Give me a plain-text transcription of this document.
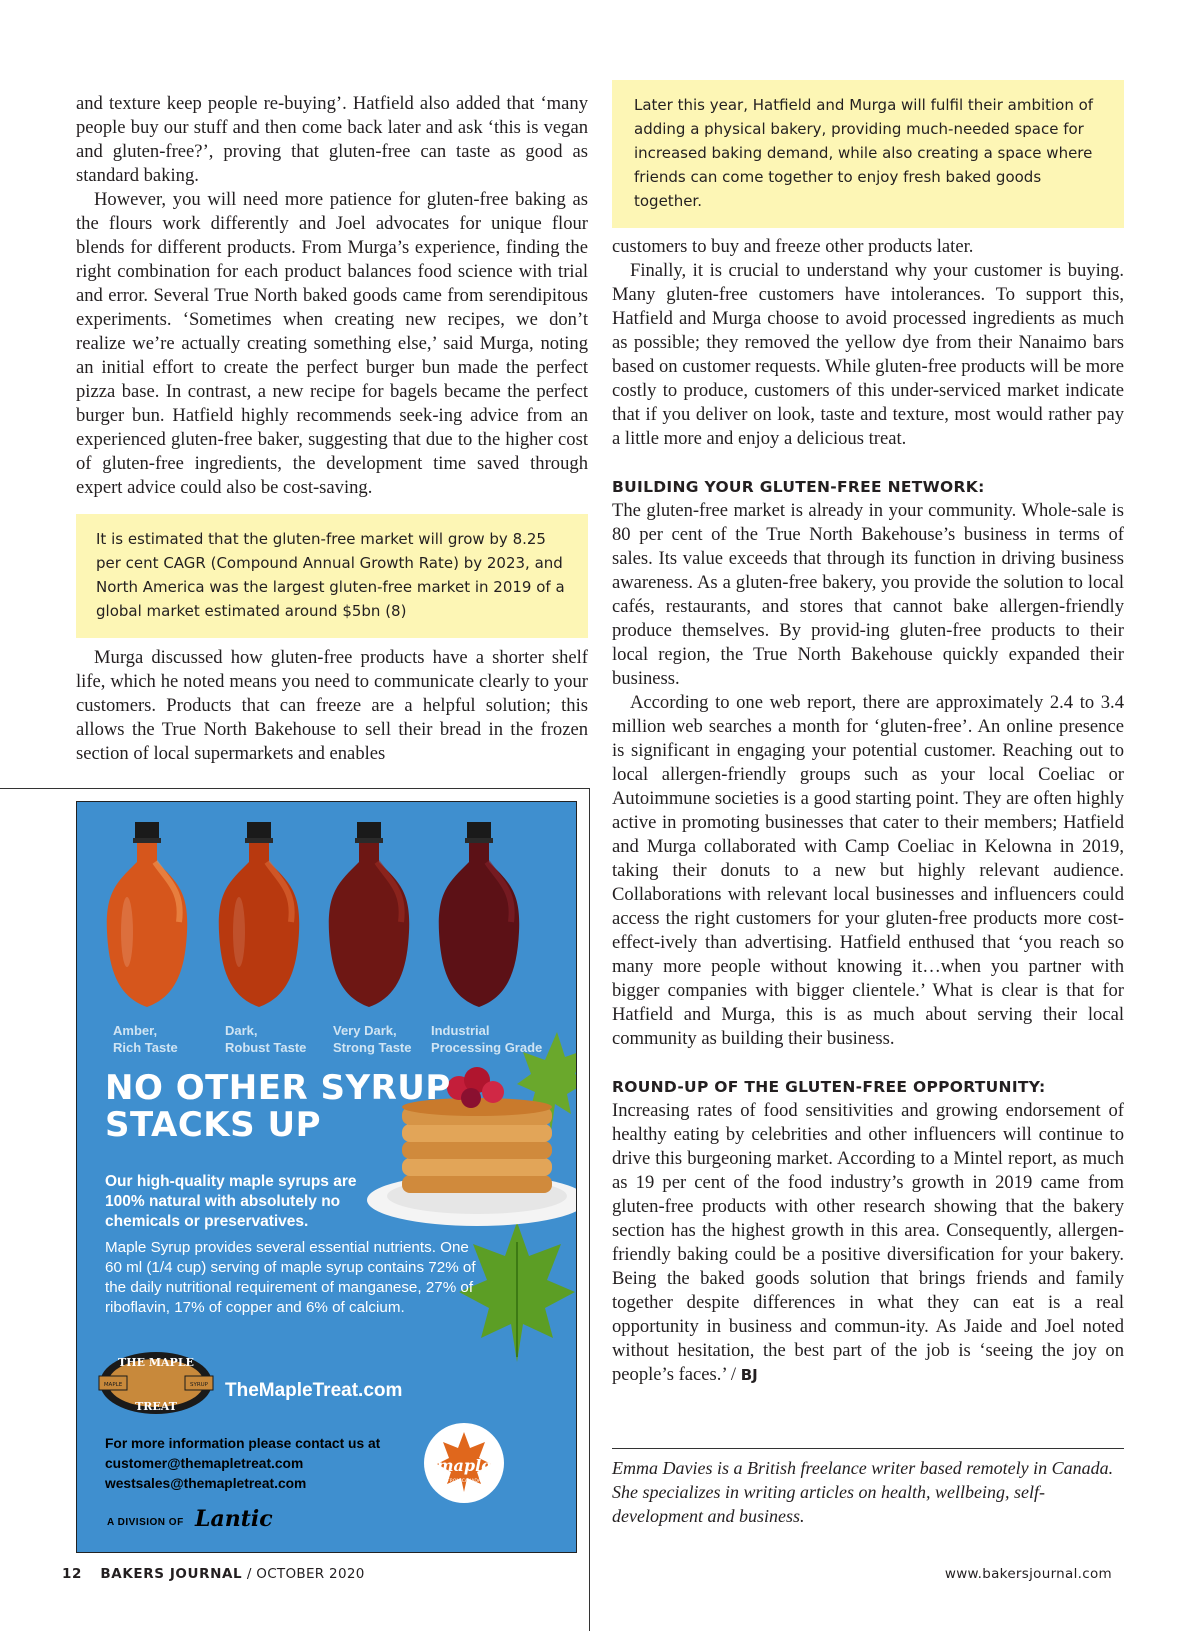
and texture keep people re-buying’. Hatfield also added that ‘many people buy our stuff and then come back later and ask ‘this is vegan and gluten-free?’, proving that gluten-free can taste as good as standard baking.

However, you will need more patience for gluten-free baking as the flours work differently and Joel advocates for unique flour blends for different products. From Murga’s experience, finding the right combination for each product balances food science with trial and error. Several True North baked goods came from serendipitous experiments. ‘Sometimes when creating new recipes, we don’t realize we’re actually creating something else,’ said Murga, noting an initial effort to create the perfect burger bun made the perfect pizza base. In contrast, a new recipe for bagels became the perfect burger bun. Hatfield highly recommends seek-ing advice from an experienced gluten-free baker, suggesting that due to the higher cost of gluten-free ingredients, the development time saved through expert advice could also be cost-saving.

It is estimated that the gluten-free market will grow by 8.25 per cent CAGR (Compound Annual Growth Rate) by 2023, and North America was the largest gluten-free market in 2019 of a global market estimated around $5bn (8)

Murga discussed how gluten-free products have a shorter shelf life, which he noted means you need to communicate clearly to your customers. Products that can freeze are a helpful solution; this allows the True North Bakehouse to sell their bread in the frozen section of local supermarkets and enables

Later this year, Hatfield and Murga will fulfil their ambition of adding a physical bakery, providing much-needed space for increased baking demand, while also creating a space where friends can come together to enjoy fresh baked goods together.

customers to buy and freeze other products later.

Finally, it is crucial to understand why your customer is buying. Many gluten-free customers have intolerances. To support this, Hatfield and Murga choose to avoid processed ingredients as much as possible; they removed the yellow dye from their Nanaimo bars based on customer requests. While gluten-free products will be more costly to produce, customers of this under-serviced market indicate that if you deliver on look, taste and texture, most would rather pay a little more and enjoy a delicious treat.

BUILDING YOUR GLUTEN-FREE NETWORK:

The gluten-free market is already in your community. Whole-sale is 80 per cent of the True North Bakehouse’s business in terms of sales. Its value exceeds that through its function in driving business awareness. As a gluten-free bakery, you provide the solution to local cafés, restaurants, and stores that cannot bake allergen-friendly produce themselves. By provid-ing gluten-free products to their local region, the True North Bakehouse quickly expanded their business.

According to one web report, there are approximately 2.4 to 3.4 million web searches a month for ‘gluten-free’. An online presence is significant in engaging your potential customer. Reaching out to local allergen-friendly groups such as your local Coeliac or Autoimmune societies is a good starting point. They are often highly active in promoting businesses that cater to their members; Hatfield and Murga collaborated with Camp Coeliac in Kelowna in 2019, taking their donuts to a new but highly relevant audience. Collaborations with relevant local businesses and influencers could access the right customers for your gluten-free products more cost-effect-ively than advertising. Hatfield enthused that ‘you reach so many more people without knowing it…when you partner with bigger companies with bigger clientele.’ What is clear is that for Hatfield and Murga, this is as much about serving their local community as building their business.

ROUND-UP OF THE GLUTEN-FREE OPPORTUNITY:

Increasing rates of food sensitivities and growing endorsement of healthy eating by celebrities and other influencers will continue to drive this burgeoning market. According to a Mintel report, as much as 19 per cent of the food industry’s growth in 2019 came from gluten-free products with other research showing that the bakery section has the highest growth in this area. Consequently, allergen-friendly baking could be a positive diversification for your bakery. Being the baked goods solution that brings friends and family together despite differences in what they can eat is a real opportunity in business and commun-ity. As Jaide and Joel noted without hesitation, the best part of the job is ‘seeing the joy on people’s faces.’ / BJ

Emma Davies is a British freelance writer based remotely in Canada. She specializes in writing articles on health, wellbeing, self-development and business.
Amber,
Rich Taste
Dark,
Robust Taste
Very Dark,
Strong Taste
Industrial
Processing Grade
NO OTHER SYRUP
STACKS UP
Our high-quality maple syrups are 100% natural with absolutely no chemicals or preservatives.
Maple Syrup provides several essential nutrients. One 60 ml (1/4 cup) serving of maple syrup contains 72% of the daily nutritional requirement of manganese, 27% of riboflavin, 17% of copper and 6% of calcium.
THE MAPLE
TREAT
MAPLE	SYRUP TheMapleTreat.com
For more information please contact us at
customer@themapletreat.com
westsales@themapletreat.com
maple
FROM CANADA
A DIVISION OF Lantic
12 BAKERS JOURNAL / OCTOBER 2020	www.bakersjournal.com
